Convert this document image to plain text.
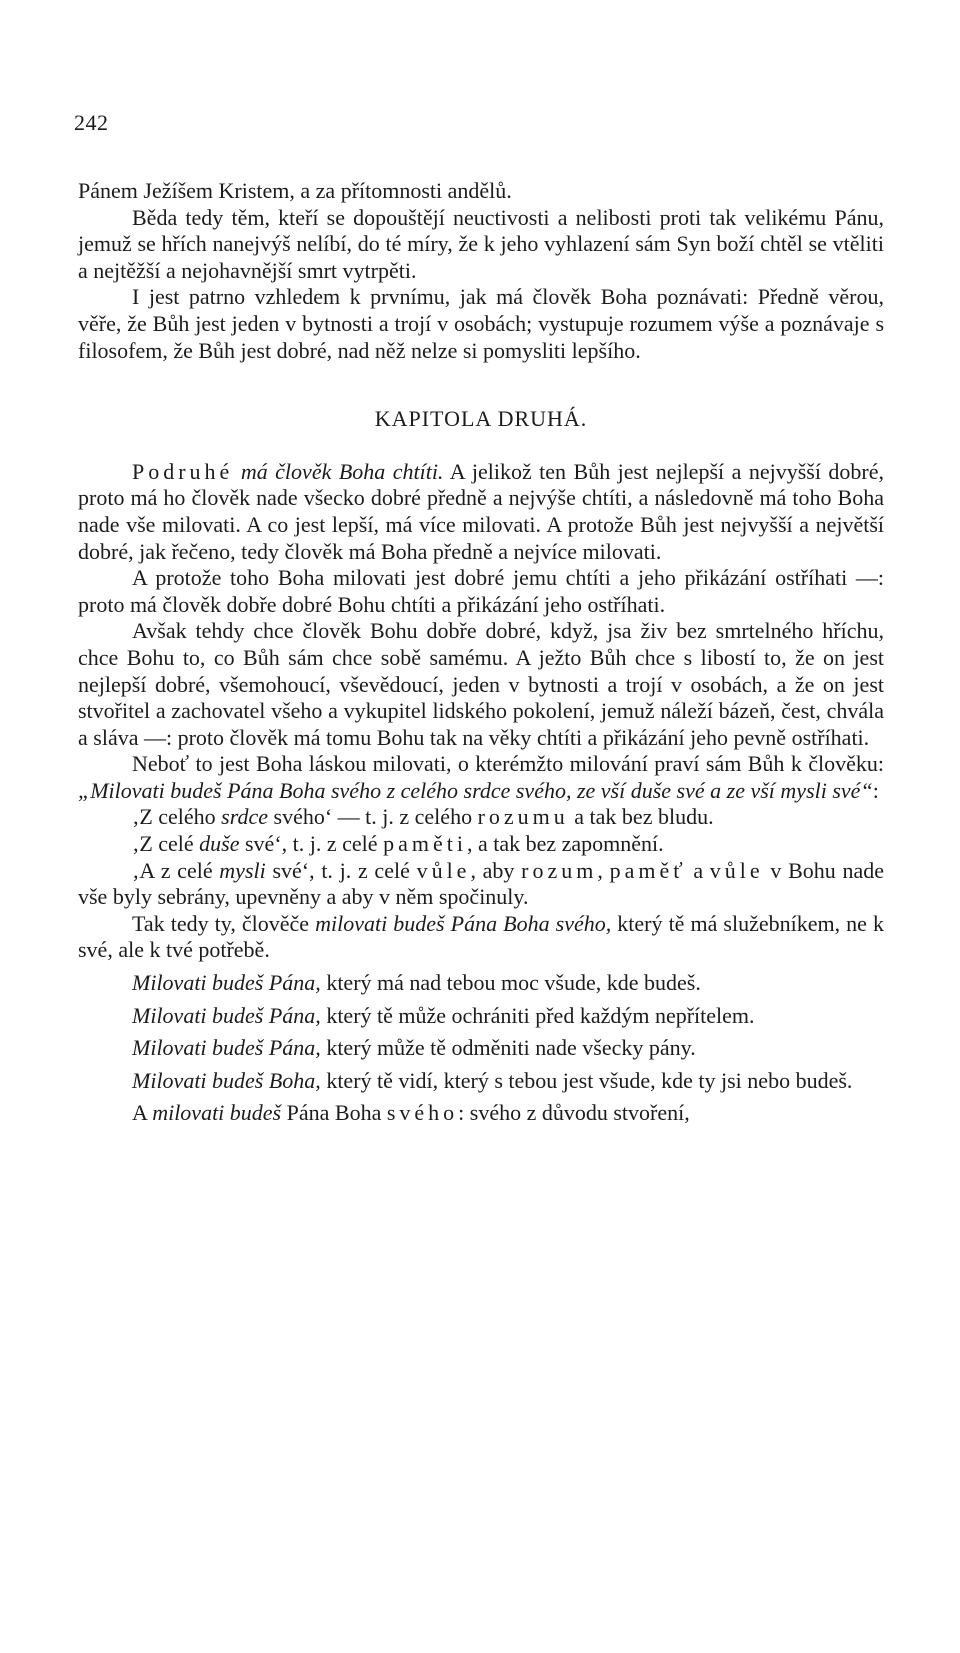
242

Pánem Ježíšem Kristem, a za přítomnosti andělů.

Běda tedy těm, kteří se dopouštějí neuctivosti a nelibosti proti tak velikému Pánu, jemuž se hřích nanejvýš nelíbí, do té míry, že k jeho vyhlazení sám Syn boží chtěl se vtěliti a nejtěžší a nejohavnější smrt vytrpěti.

I jest patrno vzhledem k prvnímu, jak má člověk Boha poznávati: Předně věrou, věře, že Bůh jest jeden v bytnosti a trojí v osobách; vystupuje rozumem výše a poznávaje s filosofem, že Bůh jest dobré, nad něž nelze si pomysliti lepšího.

KAPITOLA DRUHÁ.

Podruhé má člověk Boha chtíti. A jelikož ten Bůh jest nejlepší a nejvyšší dobré, proto má ho člověk nade všecko dobré předně a nejvýše chtíti, a následovně má toho Boha nade vše milovati. A co jest lepší, má více milovati. A protože Bůh jest nejvyšší a největší dobré, jak řečeno, tedy člověk má Boha předně a nejvíce milovati.

A protože toho Boha milovati jest dobré jemu chtíti a jeho přikázání ostříhati —: proto má člověk dobře dobré Bohu chtíti a přikázání jeho ostříhati.

Avšak tehdy chce člověk Bohu dobře dobré, když, jsa živ bez smrtelného hříchu, chce Bohu to, co Bůh sám chce sobě samému. A ježto Bůh chce s libostí to, že on jest nejlepší dobré, všemohoucí, vševědoucí, jeden v bytnosti a trojí v osobách, a že on jest stvořitel a zachovatel všeho a vykupitel lidského pokolení, jemuž náleží bázeň, čest, chvála a sláva —: proto člověk má tomu Bohu tak na věky chtíti a přikázání jeho pevně ostříhati.

Neboť to jest Boha láskou milovati, o kterémžto milování praví sám Bůh k člověku: „Milovati budeš Pána Boha svého z celého srdce svého, ze vší duše své a ze vší mysli své“:

‚Z celého srdce svého‘ — t. j. z celého rozumu a tak bez bludu.

‚Z celé duše své‘, t. j. z celé paměti, a tak bez zapomnění.

‚A z celé mysli své‘, t. j. z celé vůle, aby rozum, paměť a vůle v Bohu nade vše byly sebrány, upevněny a aby v něm spočinuly.

Tak tedy ty, člověče milovati budeš Pána Boha svého, který tě má služebníkem, ne k své, ale k tvé potřebě.

Milovati budeš Pána, který má nad tebou moc všude, kde budeš.

Milovati budeš Pána, který tě může ochrániti před každým nepřítelem.

Milovati budeš Pána, který může tě odměniti nade všecky pány.

Milovati budeš Boha, který tě vidí, který s tebou jest všude, kde ty jsi nebo budeš.

A milovati budeš Pána Boha svého: svého z důvodu stvoření,
